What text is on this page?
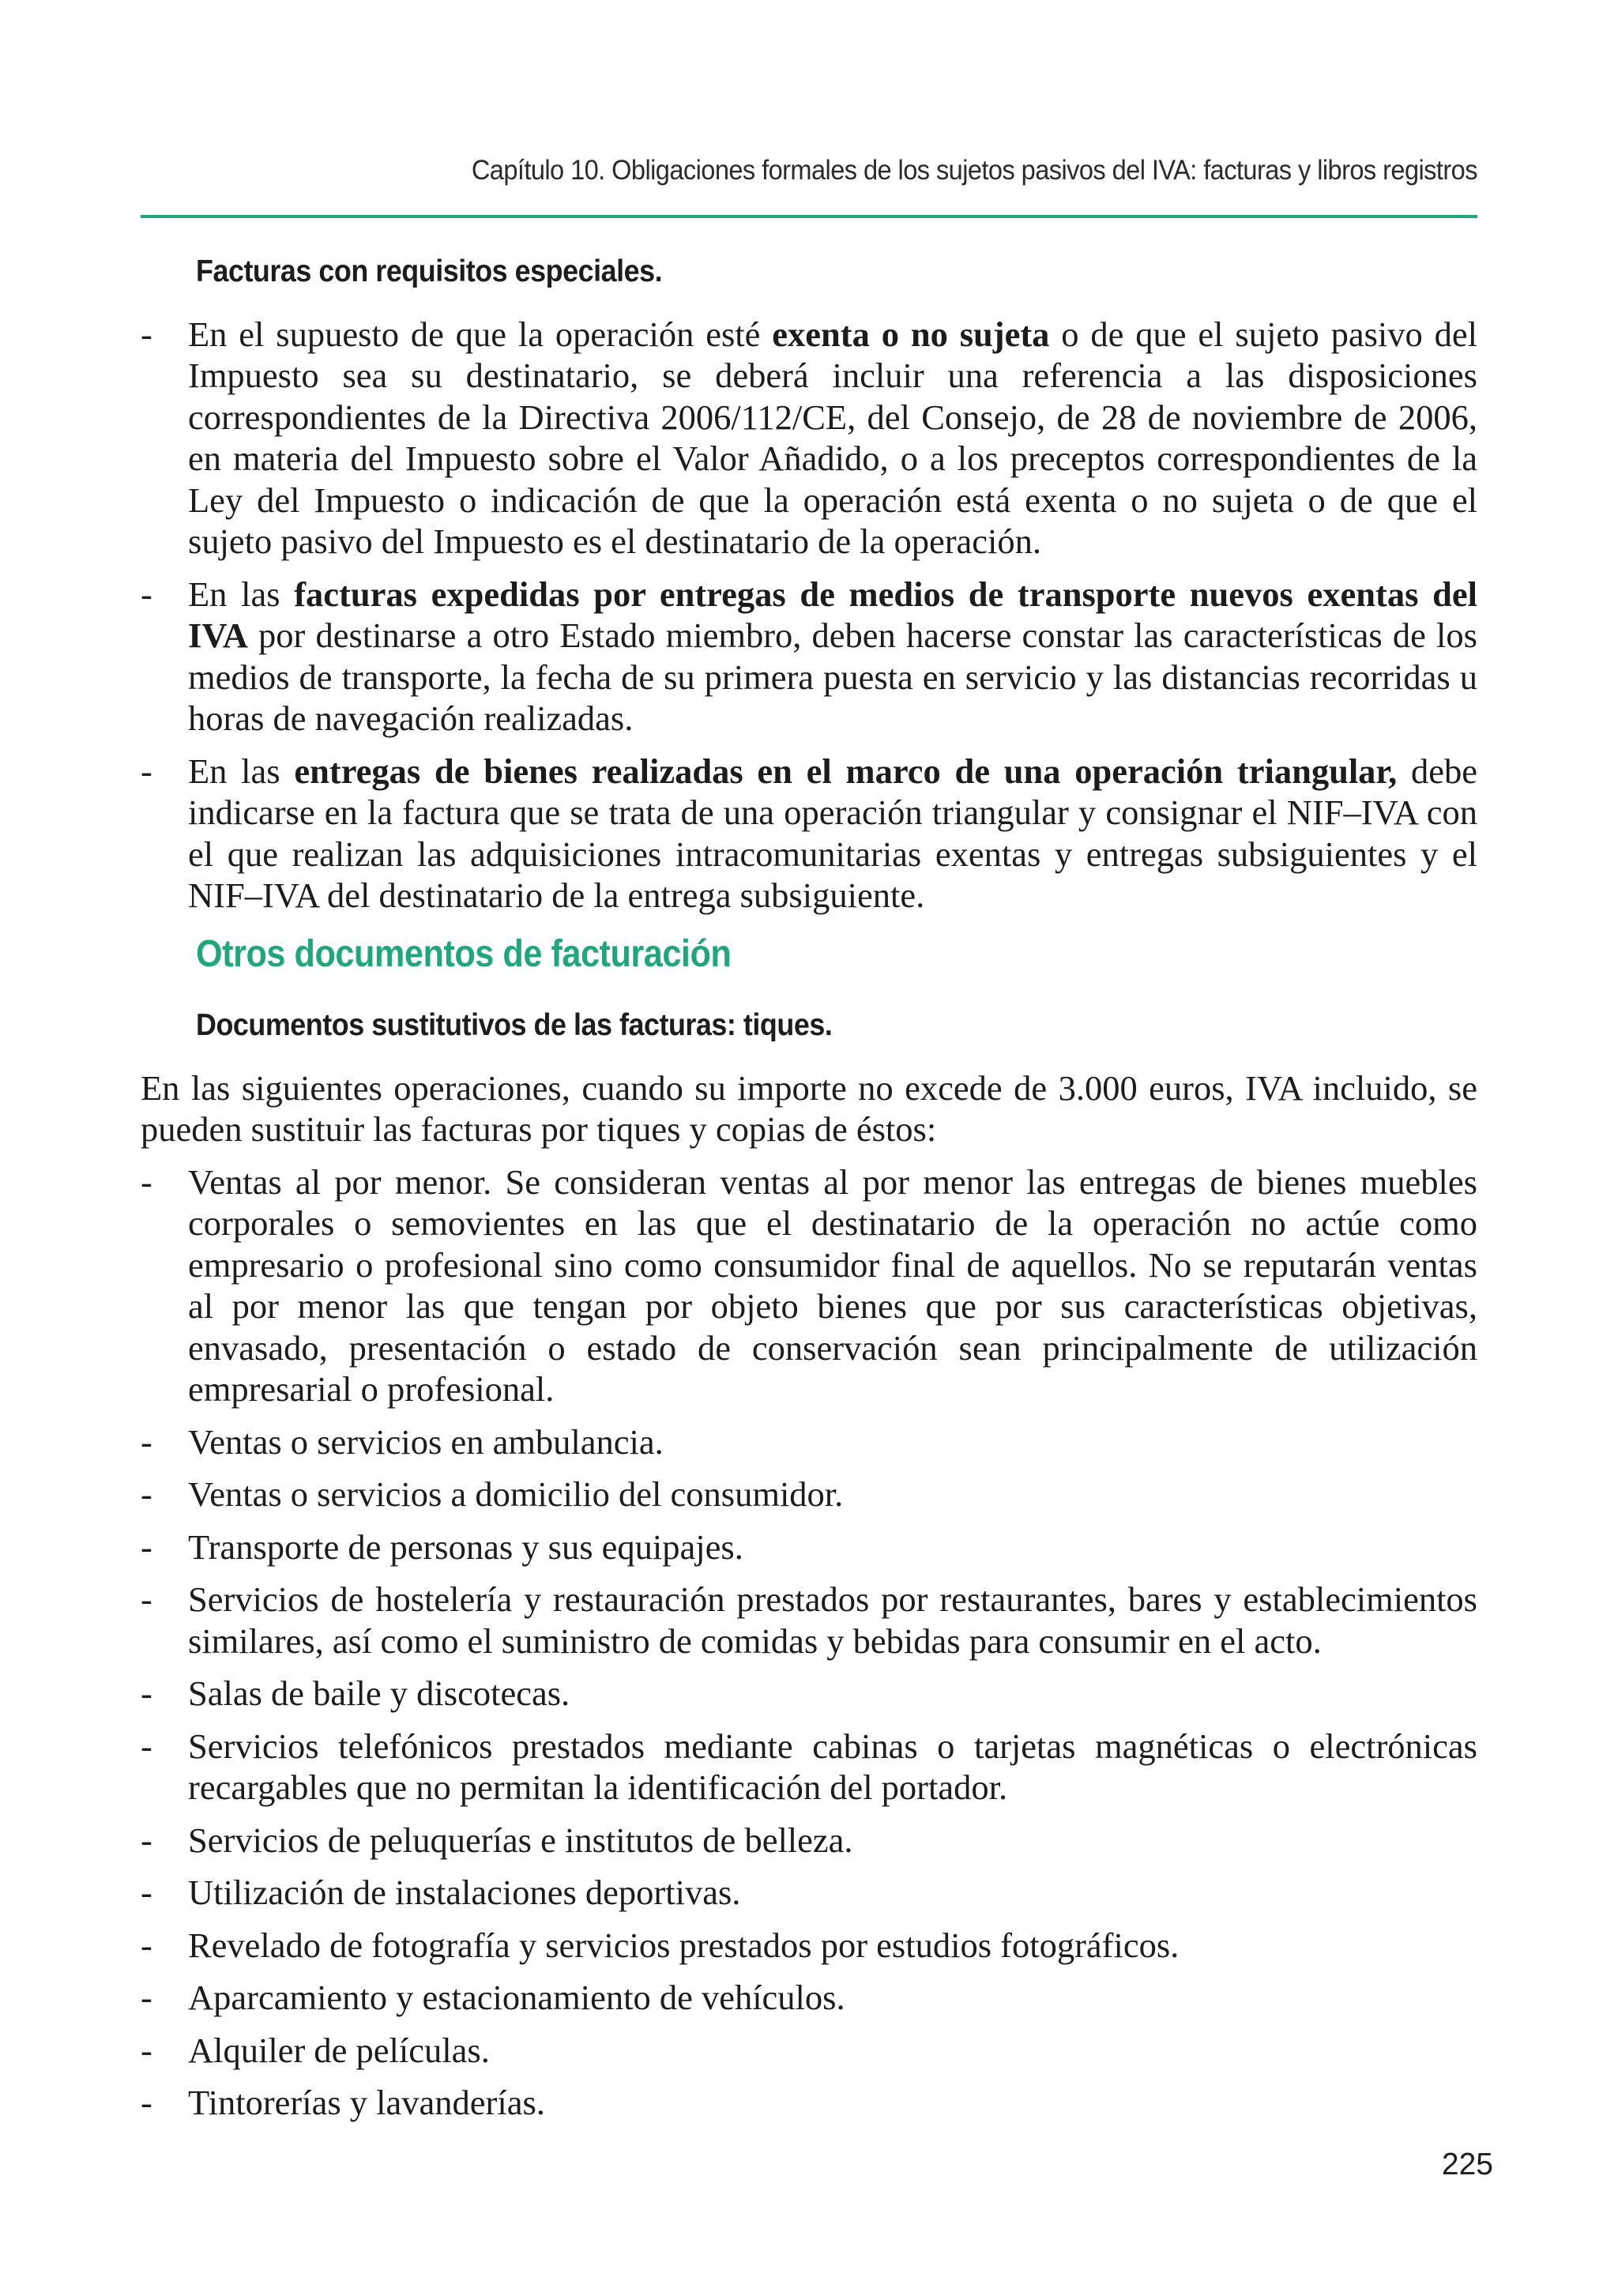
Capítulo 10. Obligaciones formales de los sujetos pasivos del IVA: facturas y libros registros
Facturas con requisitos especiales.
- En el supuesto de que la operación esté exenta o no sujeta o de que el sujeto pasivo del Impuesto sea su destinatario, se deberá incluir una referencia a las disposiciones correspondientes de la Directiva 2006/112/CE, del Consejo, de 28 de noviembre de 2006, en materia del Impuesto sobre el Valor Añadido, o a los preceptos correspondientes de la Ley del Impuesto o indicación de que la operación está exenta o no sujeta o de que el sujeto pasivo del Impuesto es el destinatario de la operación.
- En las facturas expedidas por entregas de medios de transporte nuevos exentas del IVA por destinarse a otro Estado miembro, deben hacerse constar las características de los medios de transporte, la fecha de su primera puesta en servicio y las distancias recorridas u horas de navegación realizadas.
- En las entregas de bienes realizadas en el marco de una operación triangular, debe indicarse en la factura que se trata de una operación triangular y consignar el NIF–IVA con el que realizan las adquisiciones intracomunitarias exentas y entregas subsiguientes y el NIF–IVA del destinatario de la entrega subsiguiente.
Otros documentos de facturación
Documentos sustitutivos de las facturas: tiques.

En las siguientes operaciones, cuando su importe no excede de 3.000 euros, IVA incluido, se pueden sustituir las facturas por tiques y copias de éstos:

- Ventas al por menor. Se consideran ventas al por menor las entregas de bienes muebles corporales o semovientes en las que el destinatario de la operación no actúe como empresario o profesional sino como consumidor final de aquellos. No se reputarán ventas al por menor las que tengan por objeto bienes que por sus características objetivas, envasado, presentación o estado de conservación sean principalmente de utilización empresarial o profesional.
- Ventas o servicios en ambulancia.
- Ventas o servicios a domicilio del consumidor.
- Transporte de personas y sus equipajes.
- Servicios de hostelería y restauración prestados por restaurantes, bares y establecimientos similares, así como el suministro de comidas y bebidas para consumir en el acto.
- Salas de baile y discotecas.
- Servicios telefónicos prestados mediante cabinas o tarjetas magnéticas o electrónicas recargables que no permitan la identificación del portador.
- Servicios de peluquerías e institutos de belleza.
- Utilización de instalaciones deportivas.
- Revelado de fotografía y servicios prestados por estudios fotográficos.
- Aparcamiento y estacionamiento de vehículos.
- Alquiler de películas.
- Tintorerías y lavanderías.
225
